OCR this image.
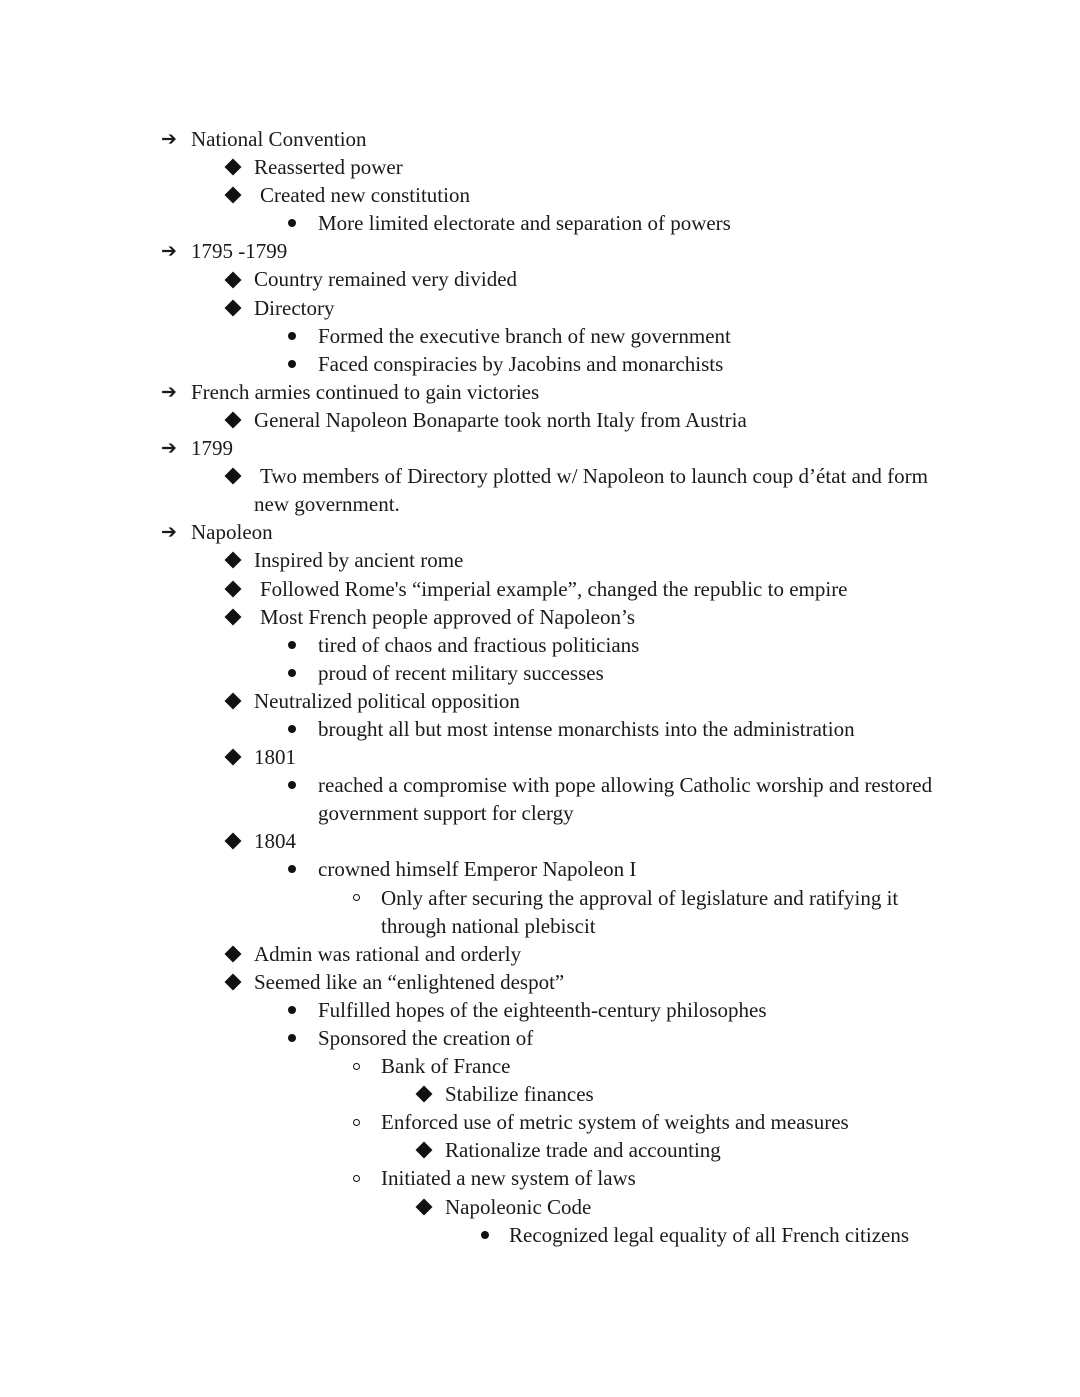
➔ National Convention
Reasserted power
Created new constitution
More limited electorate and separation of powers
➔ 1795 -1799
Country remained very divided
Directory
Formed the executive branch of new government
Faced conspiracies by Jacobins and monarchists
➔ French armies continued to gain victories
General Napoleon Bonaparte took north Italy from Austria
➔ 1799
Two members of Directory plotted w/ Napoleon to launch coup d’état and form new government.
➔ Napoleon
Inspired by ancient rome
Followed Rome's “imperial example”, changed the republic to empire
Most French people approved of Napoleon’s
tired of chaos and fractious politicians
proud of recent military successes
Neutralized political opposition
brought all but most intense monarchists into the administration
1801
reached a compromise with pope allowing Catholic worship and restored government support for clergy
1804
crowned himself Emperor Napoleon I
Only after securing the approval of legislature and ratifying it through national plebiscit
Admin was rational and orderly
Seemed like an “enlightened despot”
Fulfilled hopes of the eighteenth-century philosophes
Sponsored the creation of
Bank of France
Stabilize finances
Enforced use of metric system of weights and measures
Rationalize trade and accounting
Initiated a new system of laws
Napoleonic Code
Recognized legal equality of all French citizens
